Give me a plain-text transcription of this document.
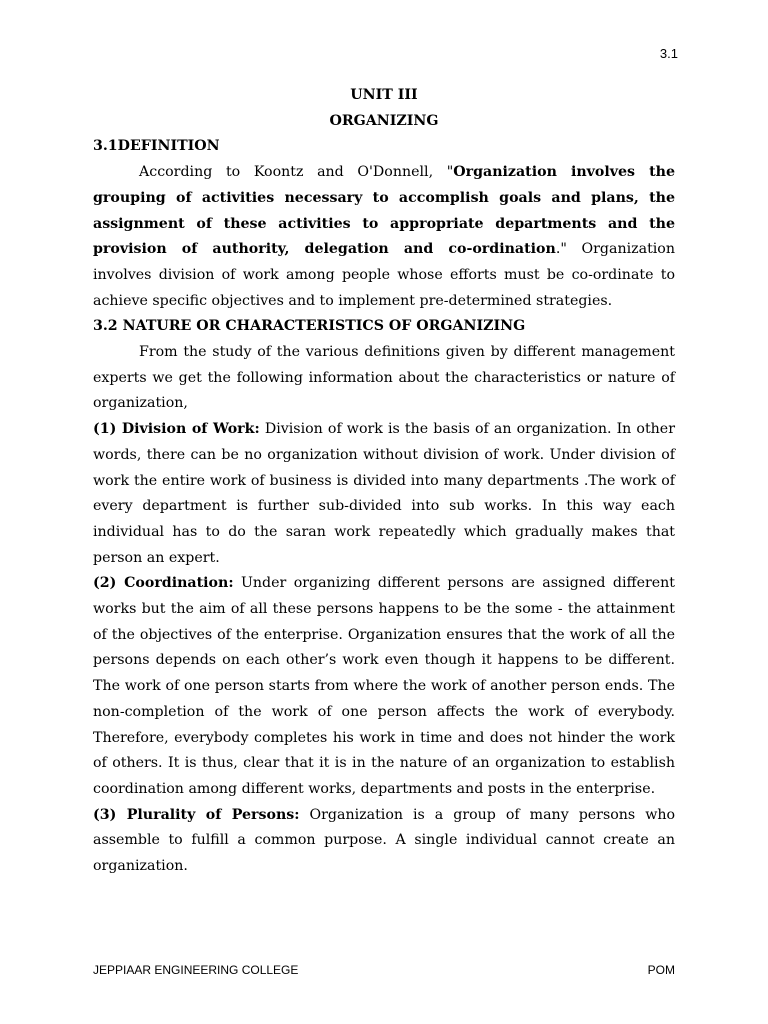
3.1
UNIT III
ORGANIZING
3.1DEFINITION

According to Koontz and O'Donnell, "Organization involves the grouping of activities necessary to accomplish goals and plans, the assignment of these activities to appropriate departments and the provision of authority, delegation and co-ordination." Organization involves division of work among people whose efforts must be co-ordinate to achieve specific objectives and to implement pre-determined strategies.

3.2 NATURE OR CHARACTERISTICS OF ORGANIZING

From the study of the various definitions given by different management experts we get the following information about the characteristics or nature of organization,

(1) Division of Work: Division of work is the basis of an organization. In other words, there can be no organization without division of work. Under division of work the entire work of business is divided into many departments .The work of every department is further sub-divided into sub works. In this way each individual has to do the saran work repeatedly which gradually makes that person an expert.

(2) Coordination: Under organizing different persons are assigned different works but the aim of all these persons happens to be the some - the attainment of the objectives of the enterprise. Organization ensures that the work of all the persons depends on each other’s work even though it happens to be different. The work of one person starts from where the work of another person ends. The non-completion of the work of one person affects the work of everybody. Therefore, everybody completes his work in time and does not hinder the work of others. It is thus, clear that it is in the nature of an organization to establish coordination among different works, departments and posts in the enterprise.

(3) Plurality of Persons: Organization is a group of many persons who assemble to fulfill a common purpose. A single individual cannot create an organization.

JEPPIAAR ENGINEERING COLLEGE	POM
